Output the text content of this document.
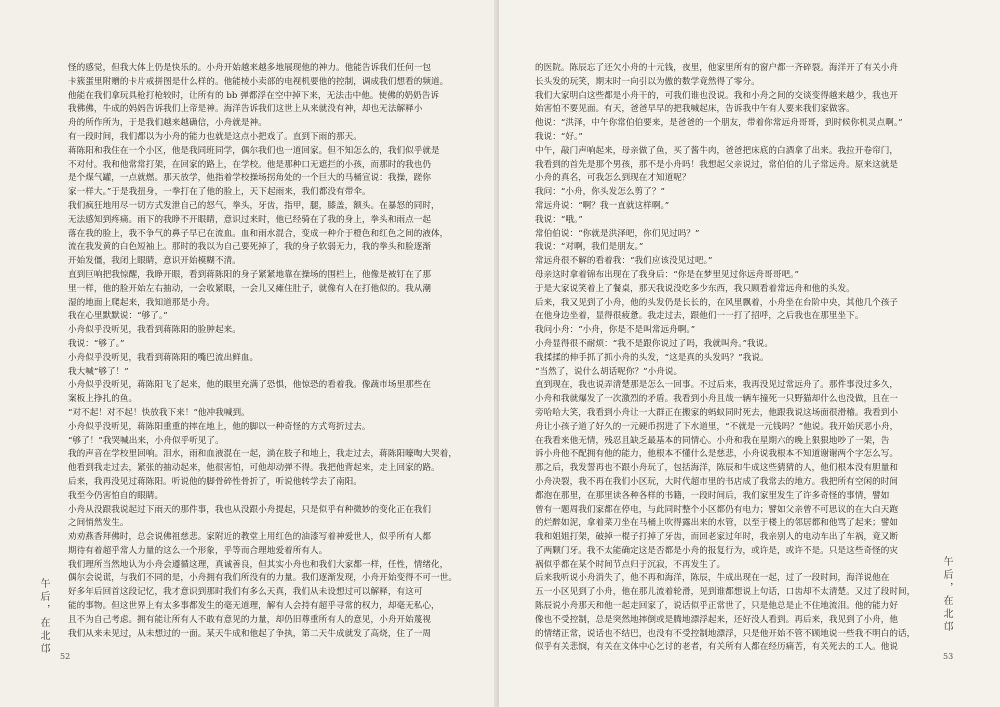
怪的感觉，但我大体上仍是快乐的。小舟开始越来越多地展现他的神力。他能告诉我们任何一包

卡簇蛋里附赠的卡片戒拼图是什么样的。他能棱小卖部的电视机要他的控制，调成我们想看的频道。

他能在我们拿玩具枪打枪较时，让所有的 bb 弹都浮在空中掉下来，无法击中他。使佛的奶奶告诉

我佛佛，牛成的妈妈告诉我们上帝是神。海洋告诉我们这世上从来就没有神，却也无法解释小

舟的所作所为，于是我们越来越确信，小舟就是神。

有一段时间，我们都以为小舟的能力也就是这点小把戏了。直到下雨的那天。

蒋陈阳和我住在一个小区，他是我同班同学，偶尔我们也一道回家。但不知怎么的，我们似乎就是

不对付。我和他常常打架，在回家的路上，在学校。他是那种口无遮拦的小孩，而那时的我也仍

是个煤气罐，一点就燃。那天放学，他指着学校操场拐角处的一个巨大的马桶宣说：我操，蹉你

家一样大。”于是我扭身，一拳打在了他的脸上，天下起雨来，我们都没有带伞。

我们疯狂地用尽一切方式发泄自己的怒气，拳头，牙齿，指甲，腿，膝盖，额头。在暴怒的同时，

无法感知到疼痛。雨下的我睁不开眼睛，意识过来时，他已经骑在了我的身上，拳头和雨点一起

落在我的脸上，我不争气的鼻子早已在流血。血和雨水混合，变成一种介于橙色和红色之间的液体，

流在我发黄的白色短袖上。那时的我以为自己要死掉了，我的身子软弱无力，我的拳头和脸逐渐

开始发僵，我闭上眼睛，意识开始模糊不清。

直到巨响把我惊醒，我睁开眼，看到蒋陈阳的身子紧紧地靠在操场的围栏上，他像是被钉在了那

里一样，他的脸开始左右抽动，一会收紧眼，一会儿又瘫住肚子，就像有人在打他似的。我从潮

湿的地面上爬起来，我知道那是小舟。

我在心里默默说：“够了。”

小舟似乎没听见，我看到蒋陈阳的脸肿起来。

我说：“够了。”

小舟似乎没听见，我看到蒋陈阳的嘴巴流出鲜血。

我大喊“够了！”

小舟似乎没听见，蒋陈阳飞了起来，他的眼里充满了恐惧，他惊恐的看着我。像蔬市场里那些在

案板上挣扎的鱼。

“对不起！对不起！快放我下来！”他冲我喊到。

小舟似乎没听见，蒋陈阳重重的摔在地上，他的脚以一种奇怪的方式弯折过去。

“够了！”我哭喊出来，小舟似乎听见了。

我的声音在学校里回响。泪水，雨和血液混在一起，淌在肢子和地上，我走过去，蒋陈阳嚎啕大哭着，

他看到我走过去，紧张的抽动起来，他很害怕，可他却动弹不得。我把他背起来，走上回家的路。

后来，我再没见过蒋陈阳。听说他的脚骨碎性骨折了，听说他转学去了南阳。

我至今仍害怕自的眼睛。

小舟从没跟我说起过下雨天的那件事，我也从没跟小舟提起，只是似乎有种微妙的变化正在我们

之间悄然发生。

劝劝燕香拜佛时，总会说佛祖慈悲。家附近的教堂上用红色的油漆写着神爱世人，似乎所有人都

期待有着超乎常人力量的这么一个形象，乎等而合理地爱着所有人。

我们理所当然地认为小舟会遵循这理，真诚善良，但其实小舟也和我们大家都一样，任性，情绪化，

偶尔会说谎，与我们不同的是，小舟拥有我们所没有的力量。我们逐渐发现，小舟开始变得不可一世。

好多年后回首这段记忆，我才意识到那时我们有多么天真，我们从未设想过可以解释，有这可

能的事物。但这世界上有太多事都发生的毫无道理，解有人会持有超乎寻常的权力，却毫无私心，

且不为自己考虑。拥有能让所有人不敢有意见的力量，却仍旧尊重所有人的意见，小舟开始蔑视

我们从来未见过，从未想过的一面。某天牛成和他起了争执，第二天牛成就发了高烧，住了一周

午后，在北邙
52

的医院。陈辰忘了还欠小舟的十元钱，夜里，他家里所有的窗户都一齐碎裂。海洋开了有关小舟

长头发的玩笑，期末时一向引以为傲的数学竟然得了零分。

我们大家明白这些都是小舟干的，可我们谁也没说。我和小舟之间的交谈变得越来越少，我也开

始害怕不要见面。有天，爸爸早早的把我喊起床，告诉我中午有人要来我们家做客。

他说：“洪泽，中午你常伯伯要来，是爸爸的一个朋友，带着你常远舟哥哥，到时候你机灵点啊。”

我说：“好。”

中午，敲门声响起来，母亲做了鱼，买了酱牛肉，爸爸把床底的白酒拿了出来。我拉开卷帘门，

我看到的首先是那个男孩，那不是小舟吗！我想起父亲说过，常伯伯的儿子常远舟。原来这就是

小舟的真名，可我怎么到现在才知道呢？

我问：“小舟，你头发怎么剪了？”

常远舟说：“啊？我一直就这样啊。”

我说：“哦。”

常伯伯说：“你就是洪泽吧，你们见过吗？”

我说：“对啊，我们是朋友。”

常远舟很不解的看着我：“我们应该没见过吧。”

母亲这时拿着锦布出现在了我身后：“你是在梦里见过你远舟哥哥吧。”

于是大家说笑着上了餐桌，那天我说没吃多少东西，我只顾看着常远舟和他的头发。

后来，我又见到了小舟，他的头发仍是长长的，在风里飘着，小舟坐在台阶中央，其他几个孩子

在他身边坐着，显得很疲惫。我走过去，跟他们一一打了招呼，之后我也在那里坐下。

我问小舟：“小舟，你是不是叫常远舟啊。”

小舟显得很不耐烦：“我不是跟你说过了吗，我就叫舟。”我说。

我揉揉的伸手抓了抓小舟的头发，“这是真的头发吗？”我说。

“当然了，说什么胡话呢你？”小舟说。

直到现在，我也说弄清楚那是怎么一回事。不过后来，我再没见过常远舟了。那件事没过多久，

小舟和我就爆发了一次激烈的矛盾。我看到小舟且哉一辆车撞死一只野猫却什么也没做，且在一

旁哈哈大笑，我看到小舟让一大群正在搬家的蚂蚁同时死去，他跟我说这场面很滑稽。我看到小

舟让小孩子道了好久的一元硬币拐进了下水道里，“不就是一元钱吗？”他说。我开始厌恶小舟，

在我看来他无情，残忍且缺乏最基本的同情心。小舟和我在星期六的晚上狠狠地吵了一架，告

诉小舟他不配拥有他的能力，他根本不懂什么是慈悲，小舟说我根本不知道谢谢两个字怎么写。

那之后，我发誓再也不跟小舟玩了，包括海洋，陈辰和牛成这些猜猜的人，他们根本没有胆量和

小舟决裂，我不再在我们小区玩，大时代超市里的书店成了我常去的地方。我把所有空闲的时间

都泡在那里，在那里读各种各样的书籍，一段时间后，我们家里发生了许多奇怪的事情，譬如

曾有一题周我们家都在停电，与此同时整个小区都仍有电力；譬如父亲曾不可思议的在大白天跑

的烂醉如泥，拿着菜刀坐在马桶上吹得露出来的水管，以至于楼上的邻居都和他骂了起来；譬如

我和姐姐打架，破掉一棍子打掉了牙齿，而回老家过年时，我亲别人的电动车出了车祸，竟又断

了两颗门牙。我不太能确定这是否都是小舟的报复行为，或许是，或许不是。只是这些奇怪的灾

祸似乎都在某个时间节点归于沉寂，不再发生了。

后来我听说小舟消失了，他不再和海洋，陈辰，牛成出现在一起，过了一段时间，海洋说他在

五一小区见到了小舟，他在那儿流着轮滑，见到谁都想说上句话，口齿却不太清楚。又过了段时间，

陈辰说小舟那天和他一起走回家了，说话似乎正常世了，只是他总是止不住地流泪。他的能力好

像也不受控制，总是突然地摔倒或是腾地漂浮起来，还好没人看到。再后来，我见到了小舟，他

的情绪正常，说话也不结巴，也没有不受控制地漂浮，只是他开始不管不顾地说一些我不明白的话，

似乎有关悲悯，有关在文体中心乞讨的老者，有关所有人都在经历痛苦，有关死去的工人。他说

午后，在北邙
53
